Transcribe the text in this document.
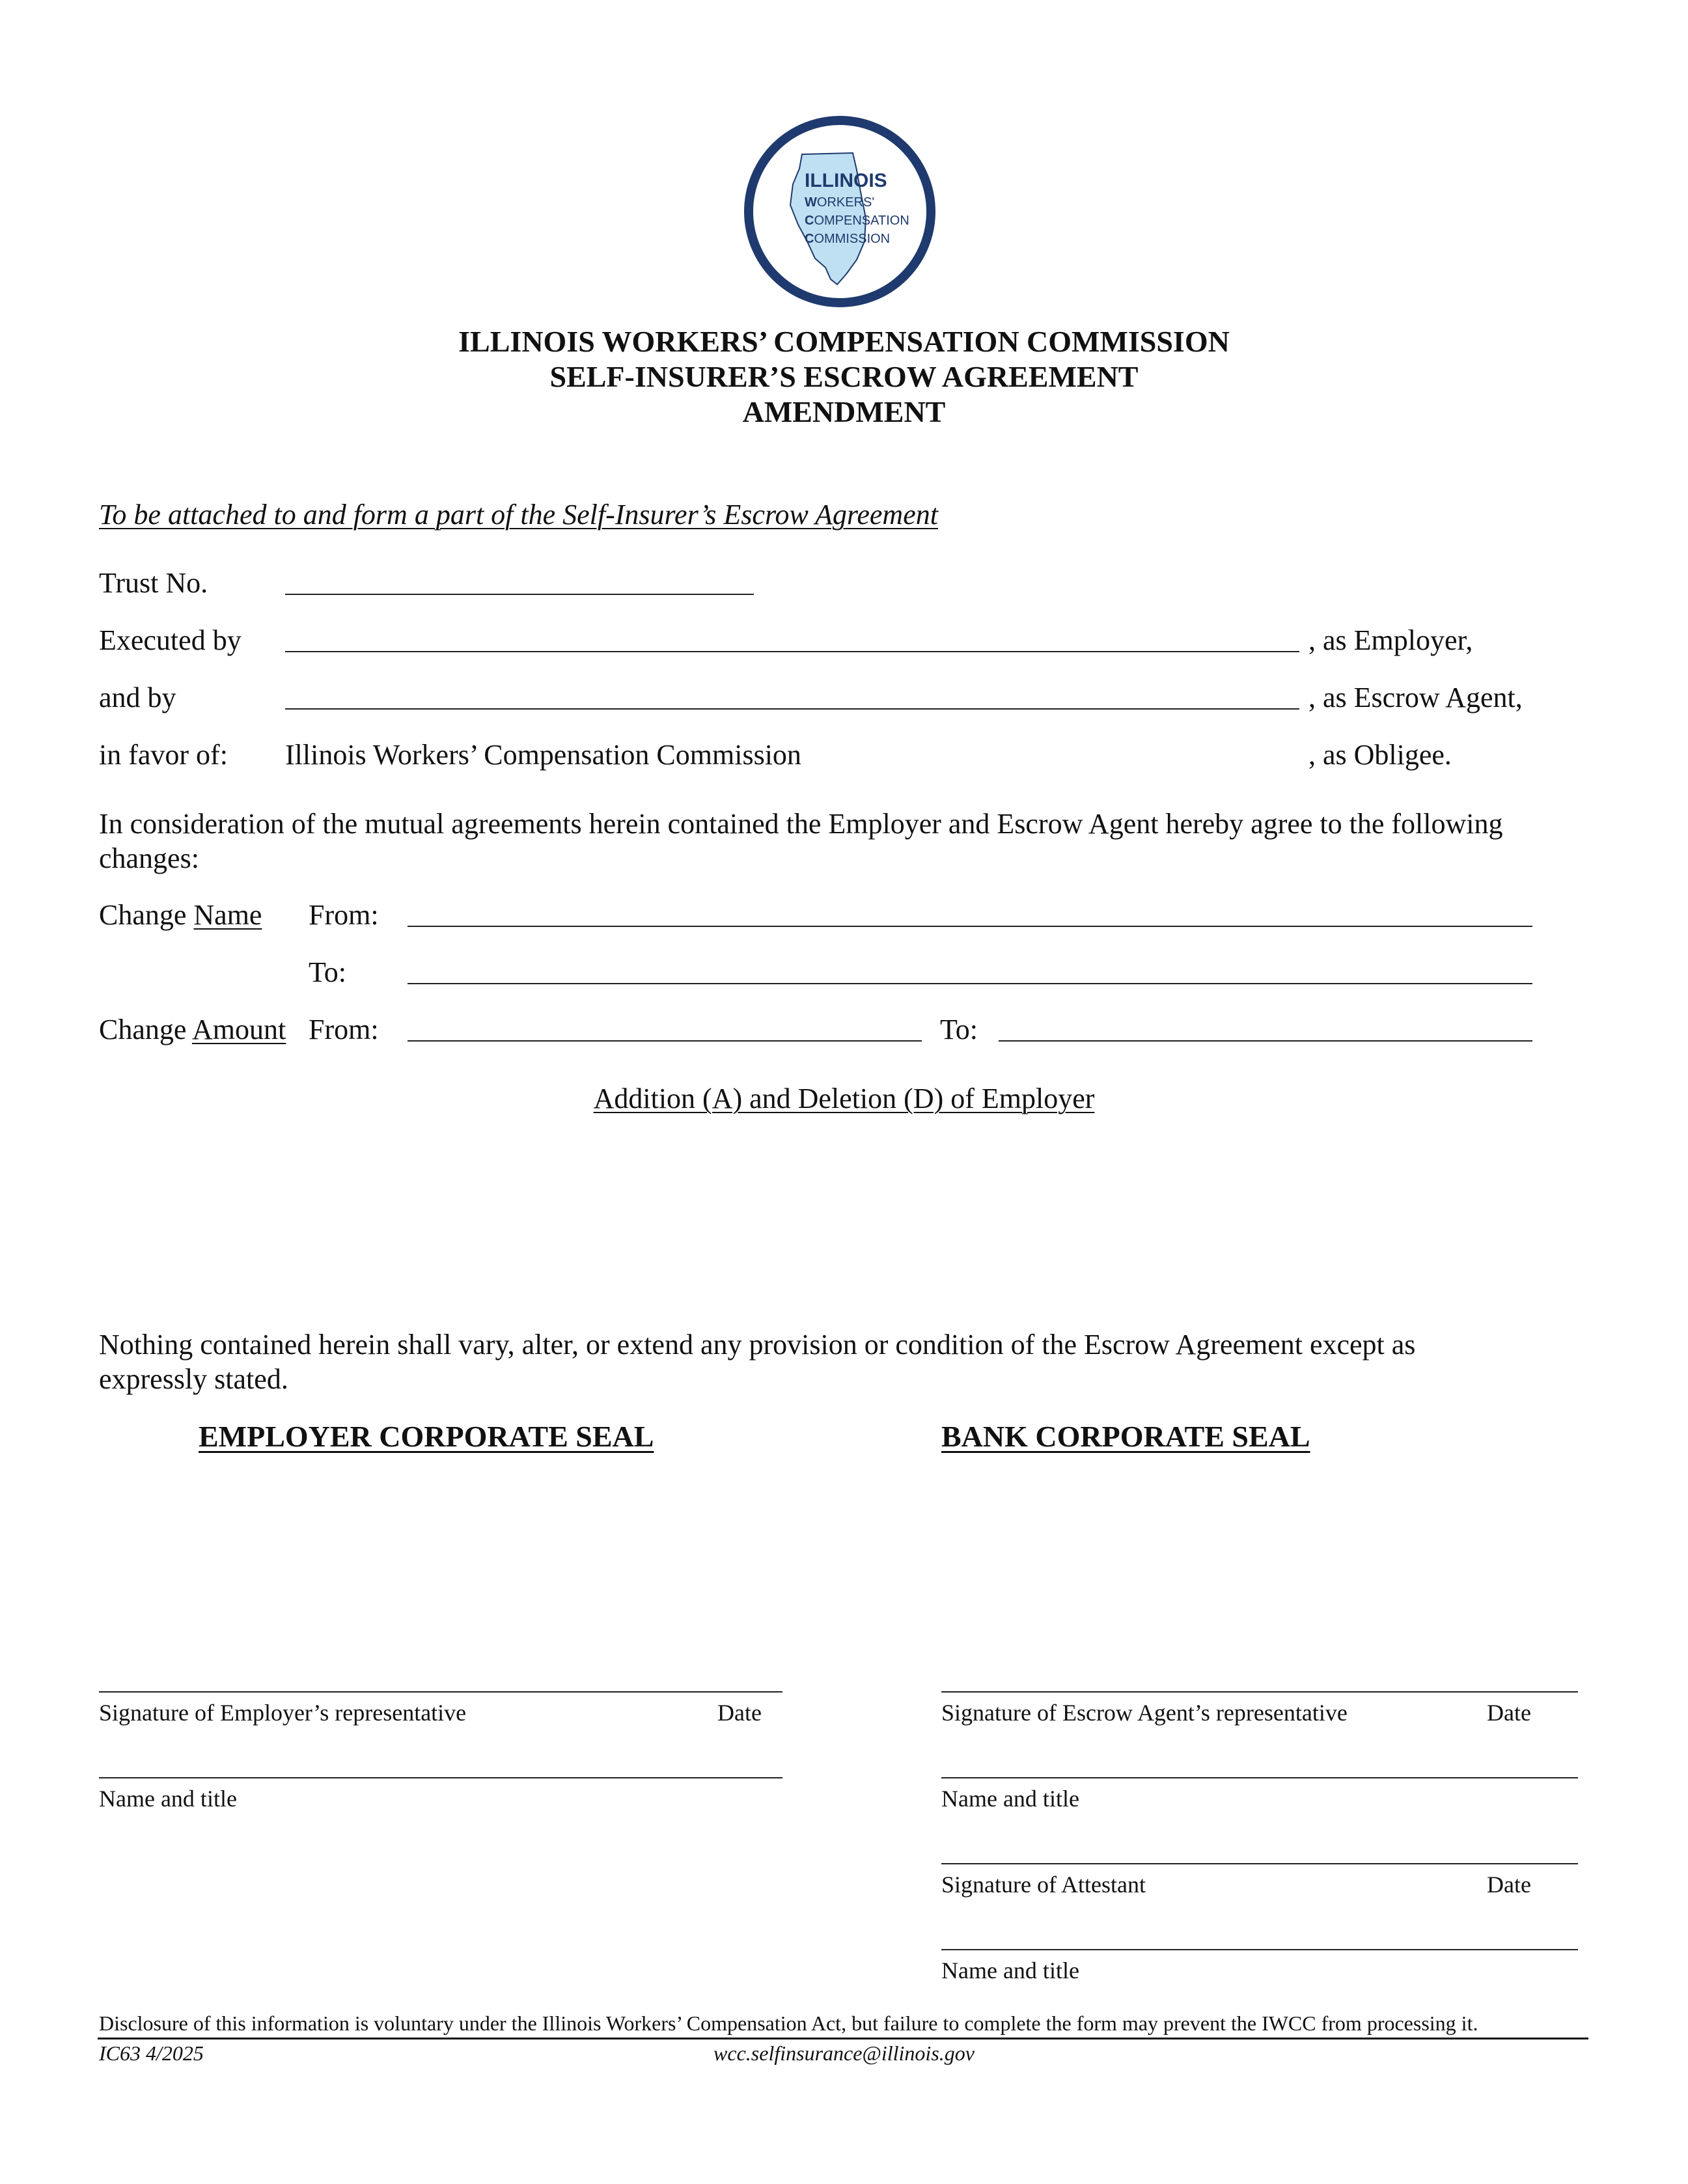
ILLINOIS
WORKERS'
COMPENSATION
COMMISSION
ILLINOIS WORKERS’ COMPENSATION COMMISSION
SELF-INSURER’S ESCROW AGREEMENT
AMENDMENT
To be attached to and form a part of the Self-Insurer’s Escrow Agreement
Trust No.
Executed by	, as Employer,
and by	, as Escrow Agent,
in favor of: Illinois Workers’ Compensation Commission	, as Obligee.
In consideration of the mutual agreements herein contained the Employer and Escrow Agent hereby agree to the following
changes:
Change Name From:
To:
Change Amount From:	To:
Addition (A) and Deletion (D) of Employer
Nothing contained herein shall vary, alter, or extend any provision or condition of the Escrow Agreement except as
expressly stated.
EMPLOYER CORPORATE SEAL	BANK CORPORATE SEAL
Signature of Employer’s representative	Date
Name and title
Signature of Escrow Agent’s representative	Date
Name and title
Signature of Attestant	Date
Name and title
Disclosure of this information is voluntary under the Illinois Workers’ Compensation Act, but failure to complete the form may prevent the IWCC from processing it.
IC63 4/2025	wcc.selfinsurance@illinois.gov
